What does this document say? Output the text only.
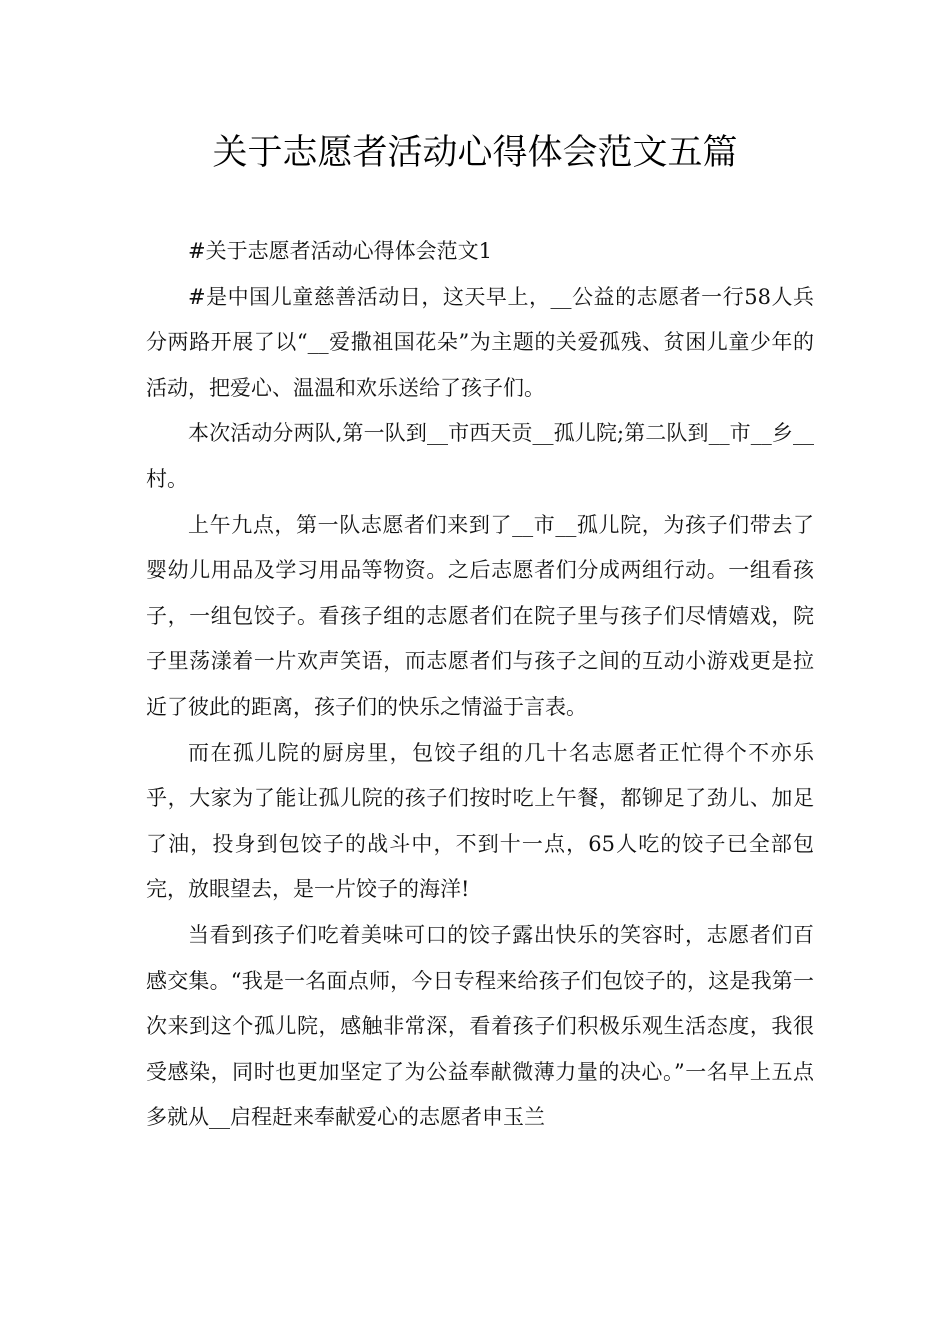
关于志愿者活动心得体会范文五篇

#关于志愿者活动心得体会范文1

#是中国儿童慈善活动日，这天早上，__公益的志愿者一行58人兵分两路开展了以“__爱撒祖国花朵”为主题的关爱孤残、贫困儿童少年的活动，把爱心、温温和欢乐送给了孩子们。

本次活动分两队,第一队到__市西天贡__孤儿院;第二队到__市__乡__村。

上午九点，第一队志愿者们来到了__市__孤儿院，为孩子们带去了婴幼儿用品及学习用品等物资。之后志愿者们分成两组行动。一组看孩子，一组包饺子。看孩子组的志愿者们在院子里与孩子们尽情嬉戏，院子里荡漾着一片欢声笑语，而志愿者们与孩子之间的互动小游戏更是拉近了彼此的距离，孩子们的快乐之情溢于言表。

而在孤儿院的厨房里，包饺子组的几十名志愿者正忙得个不亦乐乎，大家为了能让孤儿院的孩子们按时吃上午餐，都铆足了劲儿、加足了油，投身到包饺子的战斗中，不到十一点，65人吃的饺子已全部包完，放眼望去，是一片饺子的海洋!

当看到孩子们吃着美味可口的饺子露出快乐的笑容时，志愿者们百感交集。“我是一名面点师，今日专程来给孩子们包饺子的，这是我第一次来到这个孤儿院，感触非常深，看着孩子们积极乐观生活态度，我很受感染，同时也更加坚定了为公益奉献微薄力量的决心。”一名早上五点多就从__启程赶来奉献爱心的志愿者申玉兰
